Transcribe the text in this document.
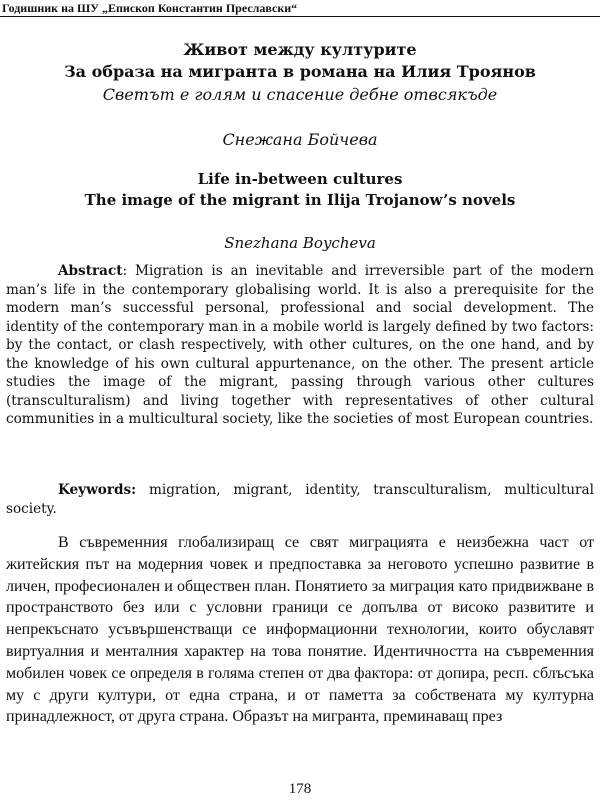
Годишник на ШУ „Епископ Константин Преславски“
Живот между културите
За образа на мигранта в романа на Илия Троянов
Светът е голям и спасение дебне отвсякъде
Снежана Бойчева
Life in-between cultures
The image of the migrant in Ilija Trojanow’s novels
Snezhana Boycheva

Abstract: Migration is an inevitable and irreversible part of the modern man’s life in the contemporary globalising world. It is also a prerequisite for the modern man’s successful personal, professional and social development. The identity of the contemporary man in a mobile world is largely defined by two factors: by the contact, or clash respectively, with other cultures, on the one hand, and by the knowledge of his own cultural appurtenance, on the other. The present article studies the image of the migrant, passing through various other cultures (transculturalism) and living together with representatives of other cultural communities in a multicultural society, like the societies of most European countries.

Keywords: migration, migrant, identity, transculturalism, multicultural society.

В съвременния глобализиращ се свят миграцията е неизбежна част от житейския път на модерния човек и предпоставка за неговото успешно развитие в личен, професионален и обществен план. Понятието за миграция като придвижване в пространството без или с условни граници се допълва от високо развитите и непрекъснато усъвършенстващи се информационни технологии, които обуславят виртуалния и менталния характер на това понятие. Идентичността на съвременния мобилен човек се определя в голяма степен от два фактора: от допира, респ. сблъсъка му с други култури, от една страна, и от паметта за собствената му културна принадлежност, от друга страна. Образът на мигранта, преминаващ през

178
